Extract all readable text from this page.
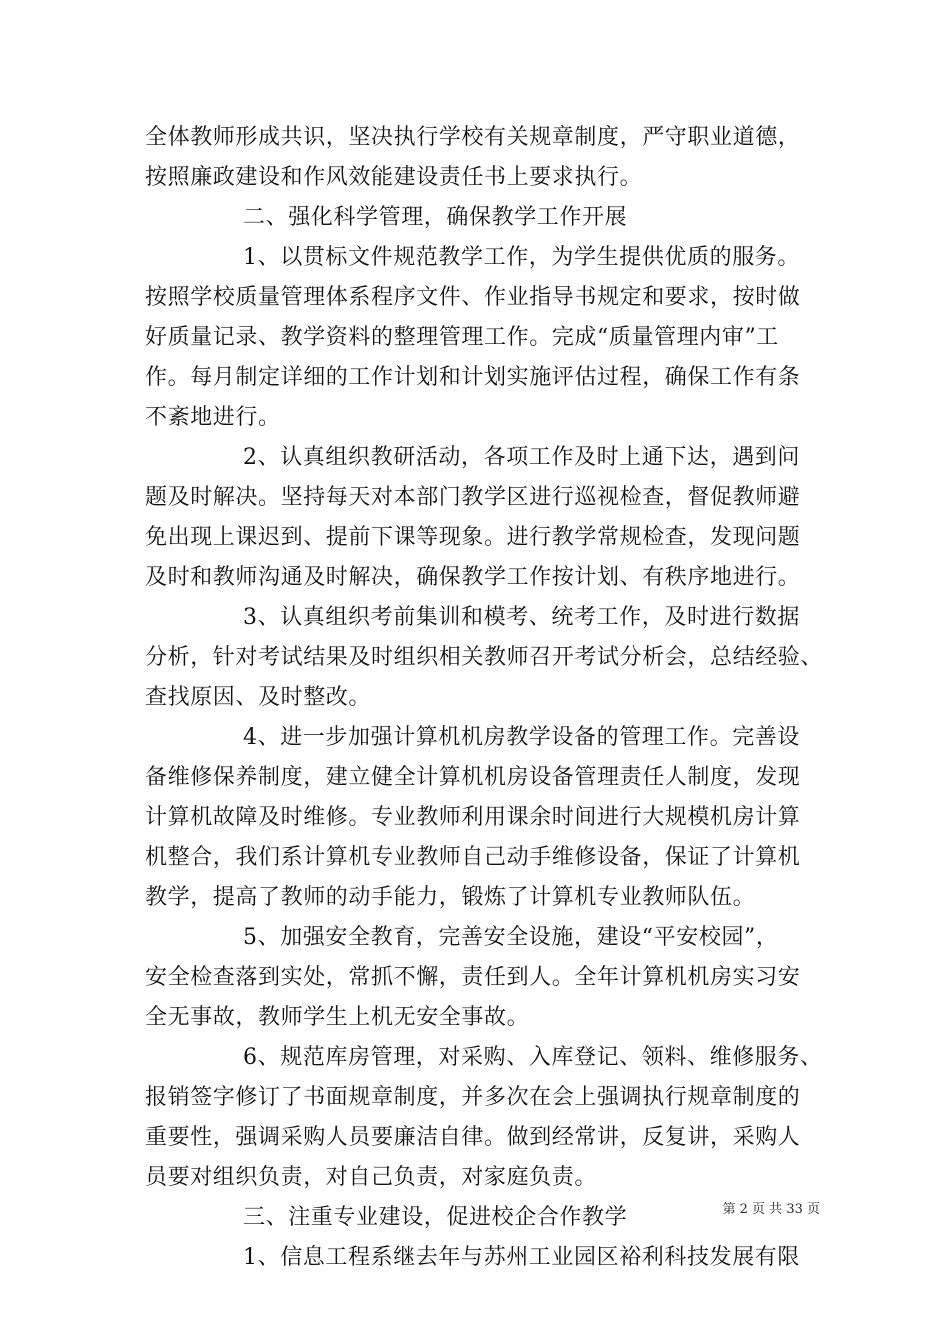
全体教师形成共识，坚决执行学校有关规章制度，严守职业道德，
按照廉政建设和作风效能建设责任书上要求执行。
二、强化科学管理，确保教学工作开展
1、以贯标文件规范教学工作，为学生提供优质的服务。
按照学校质量管理体系程序文件、作业指导书规定和要求，按时做
好质量记录、教学资料的整理管理工作。完成“质量管理内审”工
作。每月制定详细的工作计划和计划实施评估过程，确保工作有条
不紊地进行。
2、认真组织教研活动，各项工作及时上通下达，遇到问
题及时解决。坚持每天对本部门教学区进行巡视检查，督促教师避
免出现上课迟到、提前下课等现象。进行教学常规检查，发现问题
及时和教师沟通及时解决，确保教学工作按计划、有秩序地进行。
3、认真组织考前集训和模考、统考工作，及时进行数据
分析，针对考试结果及时组织相关教师召开考试分析会，总结经验、
查找原因、及时整改。
4、进一步加强计算机机房教学设备的管理工作。完善设
备维修保养制度，建立健全计算机机房设备管理责任人制度，发现
计算机故障及时维修。专业教师利用课余时间进行大规模机房计算
机整合，我们系计算机专业教师自己动手维修设备，保证了计算机
教学，提高了教师的动手能力，锻炼了计算机专业教师队伍。
5、加强安全教育，完善安全设施，建设“平安校园”，
安全检查落到实处，常抓不懈，责任到人。全年计算机机房实习安
全无事故，教师学生上机无安全事故。
6、规范库房管理，对采购、入库登记、领料、维修服务、
报销签字修订了书面规章制度，并多次在会上强调执行规章制度的
重要性，强调采购人员要廉洁自律。做到经常讲，反复讲，采购人
员要对组织负责，对自己负责，对家庭负责。
三、注重专业建设，促进校企合作教学
1、信息工程系继去年与苏州工业园区裕利科技发展有限
第 2 页 共 33 页
